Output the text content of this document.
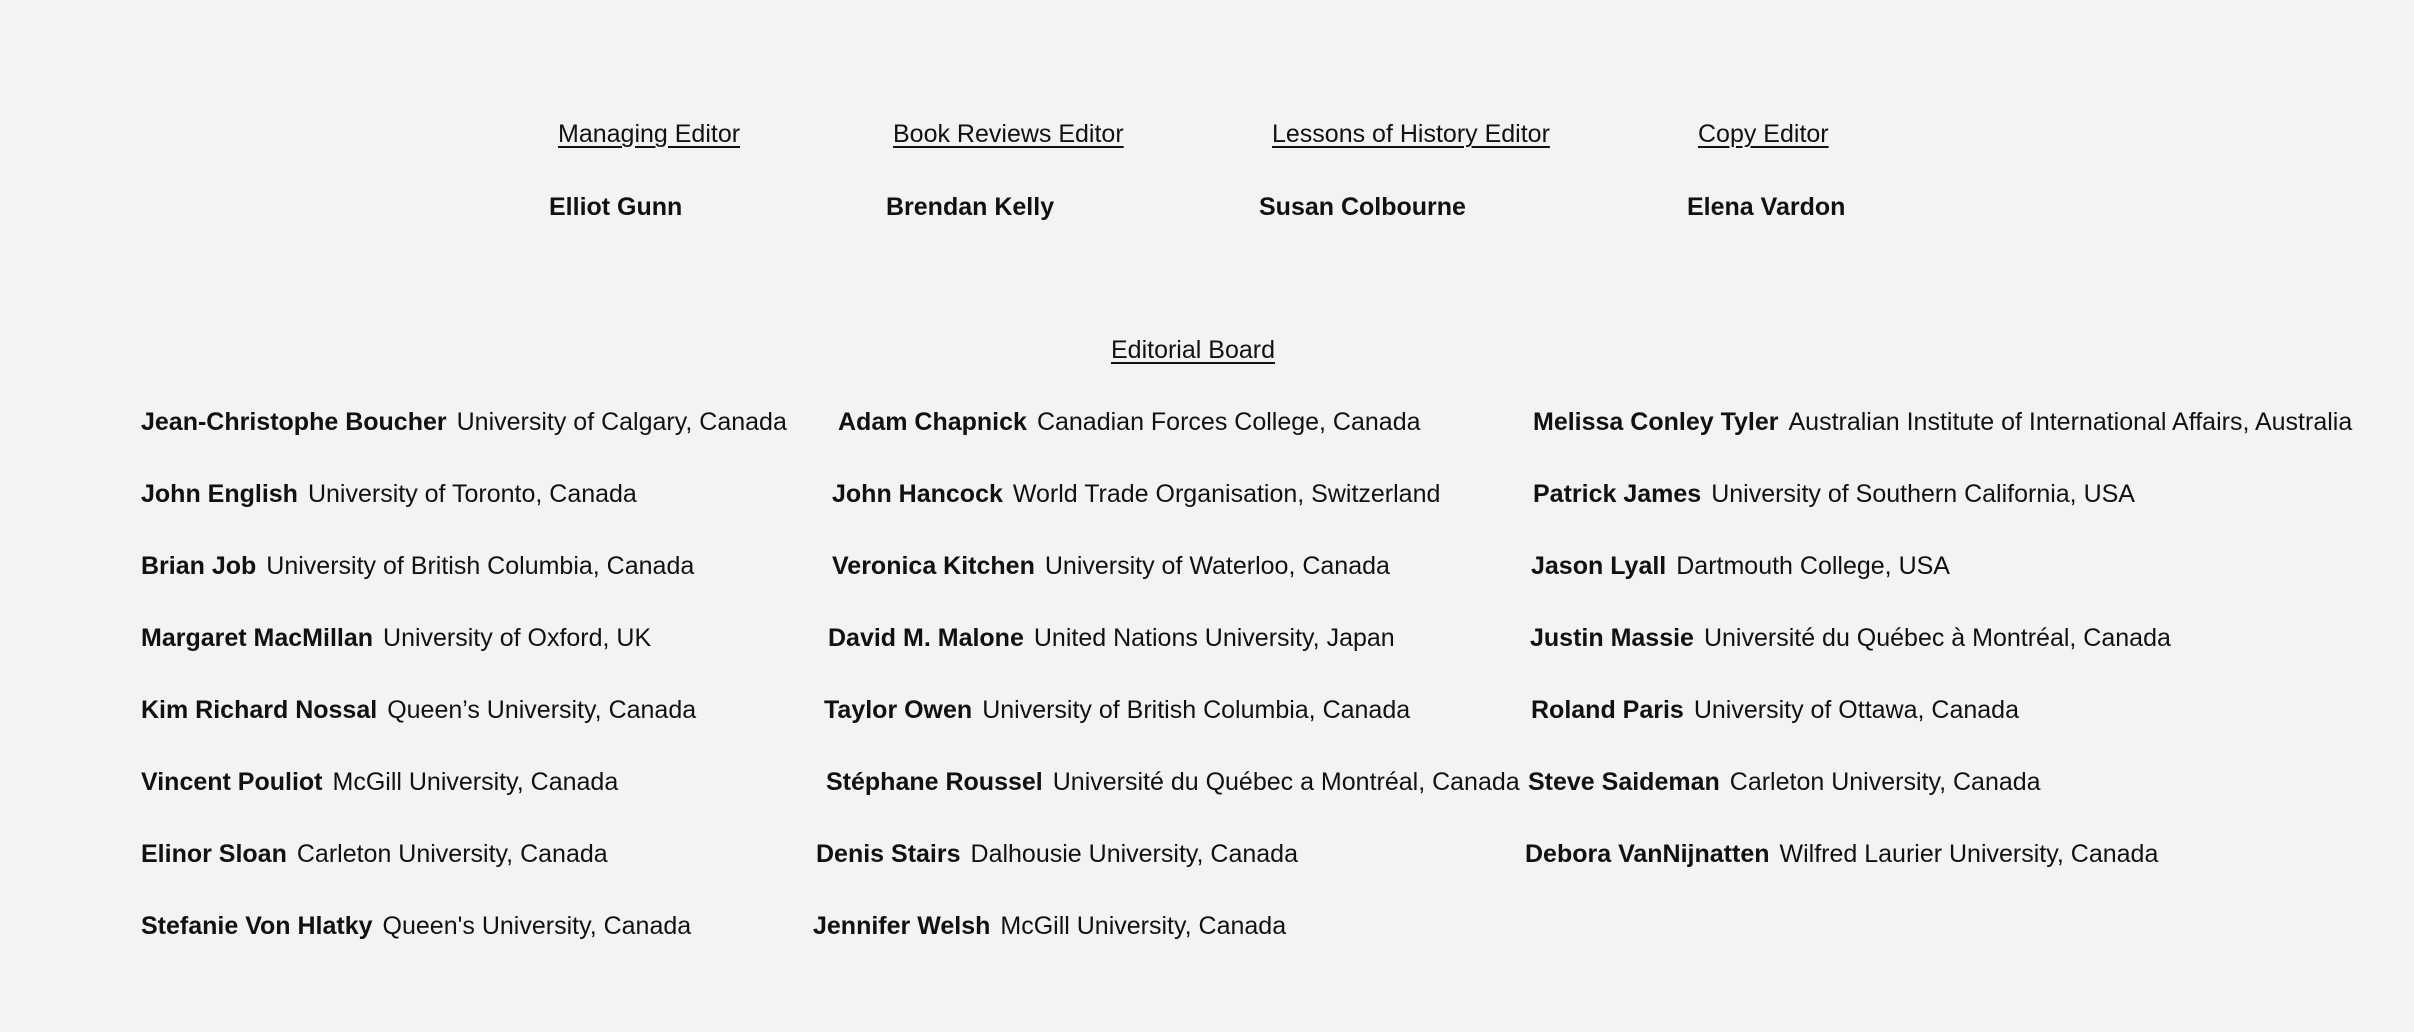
Managing Editor
Elliot Gunn
Book Reviews Editor
Brendan Kelly
Lessons of History Editor
Susan Colbourne
Copy Editor
Elena Vardon
Editorial Board
Jean-Christophe Boucher University of Calgary, Canada
John English University of Toronto, Canada
Brian Job University of British Columbia, Canada
Margaret MacMillan University of Oxford, UK
Kim Richard Nossal Queen’s University, Canada
Vincent Pouliot McGill University, Canada
Elinor Sloan Carleton University, Canada
Stefanie Von Hlatky Queen's University, Canada
Adam Chapnick Canadian Forces College, Canada
John Hancock World Trade Organisation, Switzerland
Veronica Kitchen University of Waterloo, Canada
David M. Malone United Nations University, Japan
Taylor Owen University of British Columbia, Canada
Stéphane Roussel Université du Québec a Montréal, Canada
Denis Stairs Dalhousie University, Canada
Jennifer Welsh McGill University, Canada
Melissa Conley Tyler Australian Institute of International Affairs, Australia
Patrick James University of Southern California, USA
Jason Lyall Dartmouth College, USA
Justin Massie Université du Québec à Montréal, Canada
Roland Paris University of Ottawa, Canada
Steve Saideman Carleton University, Canada
Debora VanNijnatten Wilfred Laurier University, Canada
